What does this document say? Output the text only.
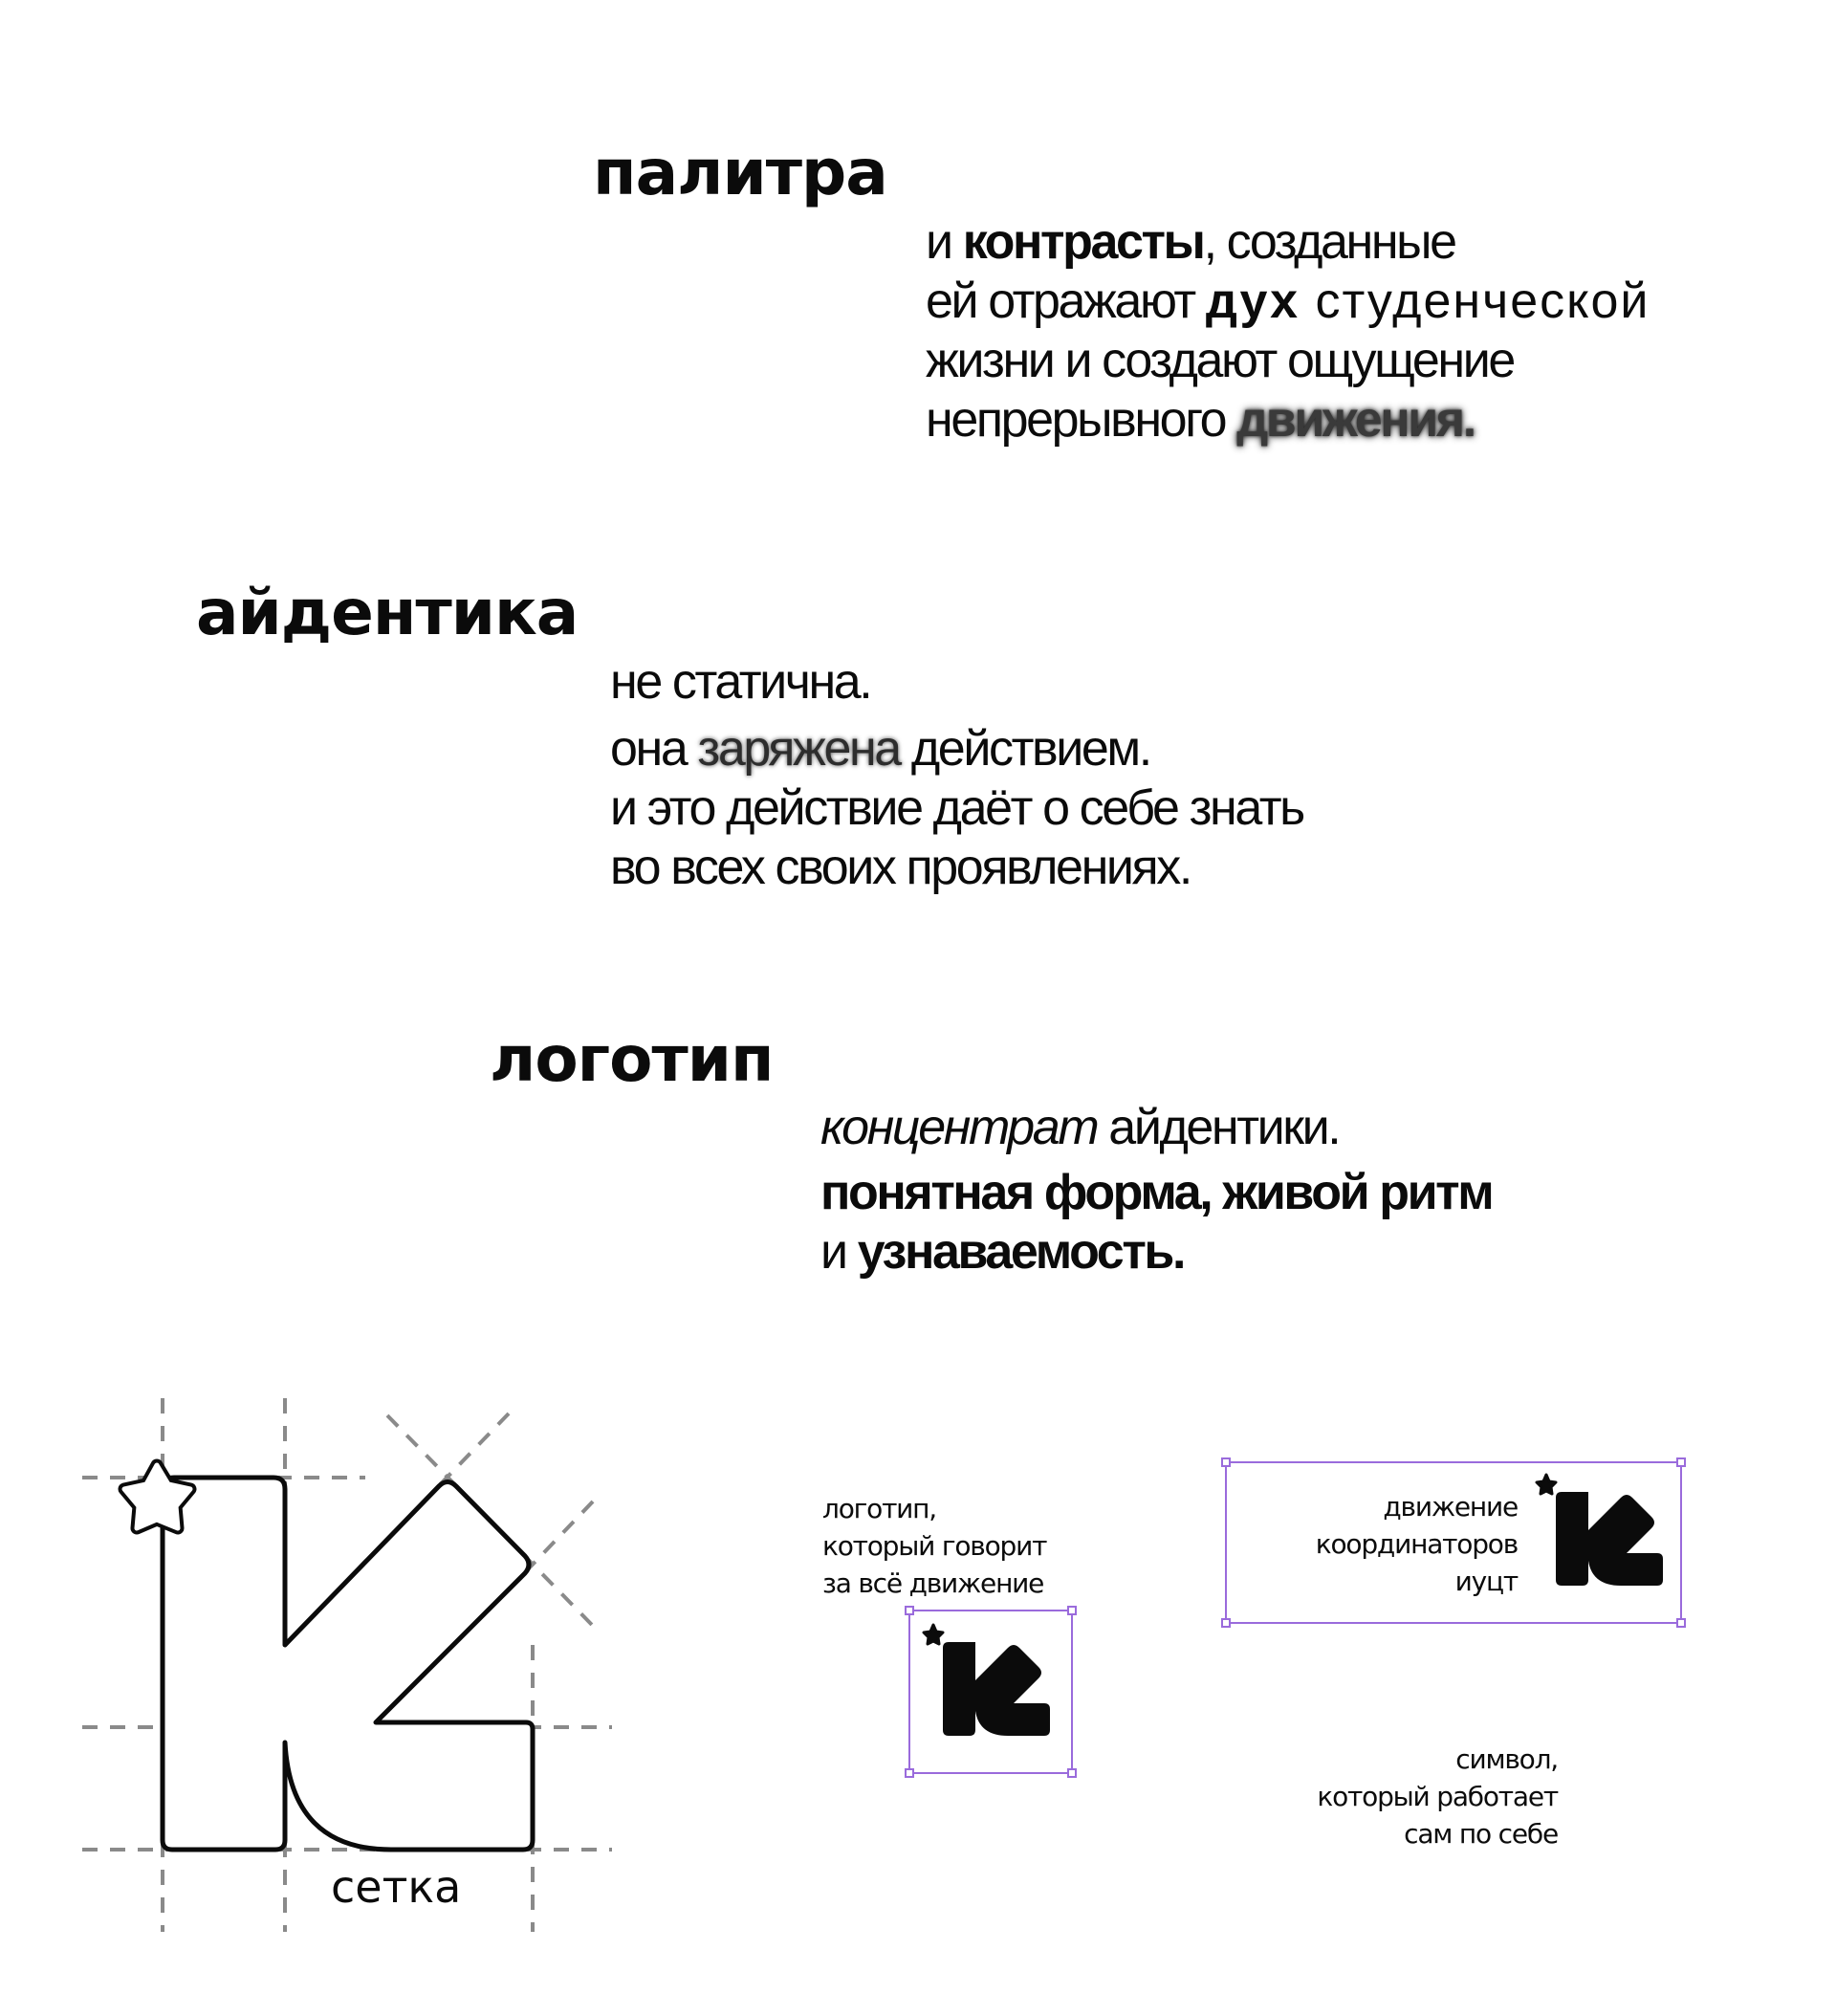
палитра
и контрасты, созданные
ей отражают дух студенческой
жизни и создают ощущение
непрерывного движения.
айдентика
не статична.
она заряжена действием.
и это действие даёт о себе знать
во всех своих проявлениях.
логотип
концентрат айдентики.
понятная форма, живой ритм
и узнаваемость.

сетка

логотип,
который говорит
за всё движение
движение
координаторов
иуцт
символ,
который работает
сам по себе
